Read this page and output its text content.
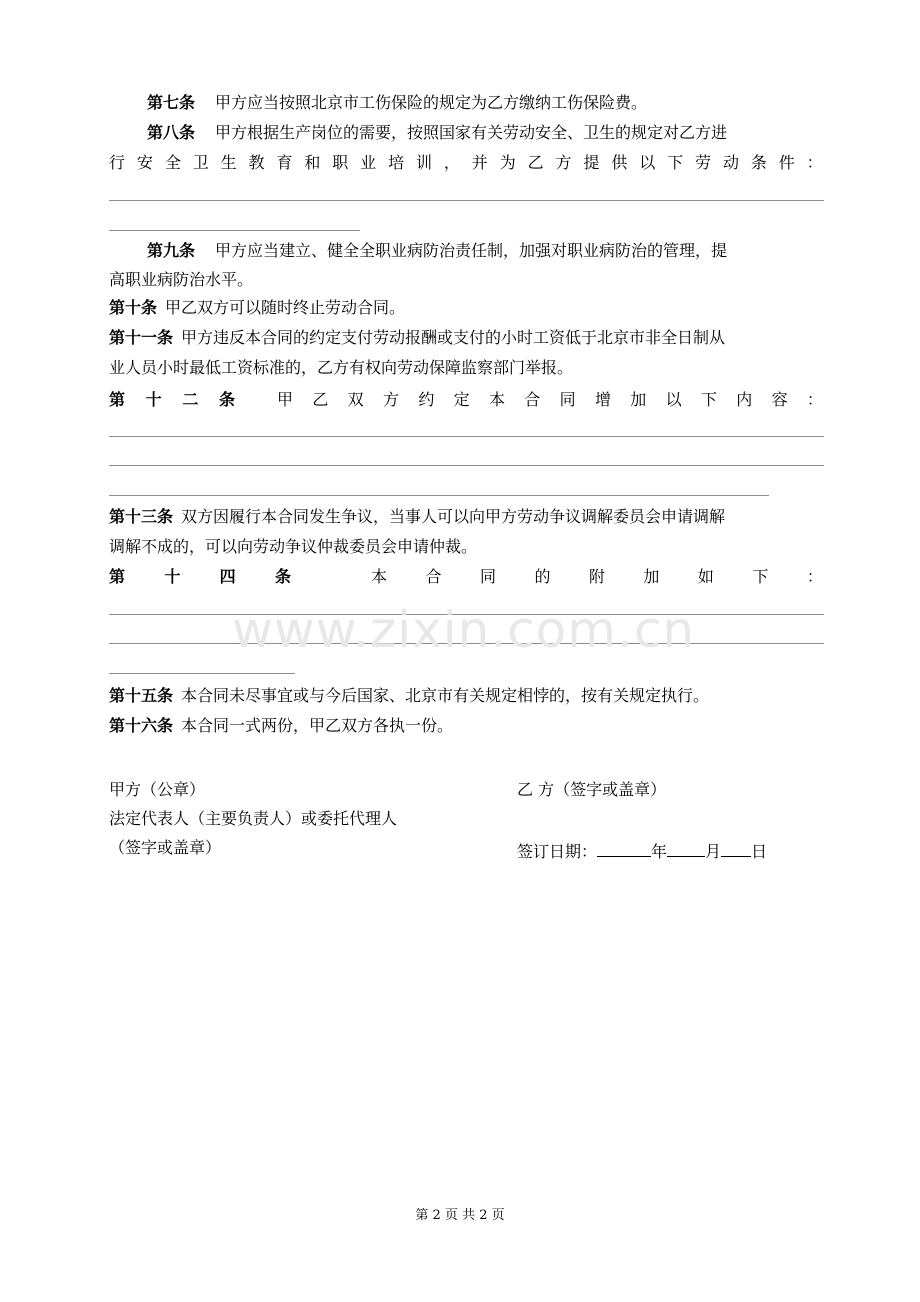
第七条 甲方应当按照北京市工伤保险的规定为乙方缴纳工伤保险费。
第八条 甲方根据生产岗位的需要，按照国家有关劳动安全、卫生的规定对乙方进
行 安 全 卫 生 教 育 和 职 业 培 训 ， 并 为 乙 方 提 供 以 下 劳 动 条 件 ：
第九条 甲方应当建立、健全全职业病防治责任制，加强对职业病防治的管理，提
高职业病防治水平。
第十条 甲乙双方可以随时终止劳动合同。
第十一条 甲方违反本合同的约定支付劳动报酬或支付的小时工资低于北京市非全日制从
业人员小时最低工资标准的，乙方有权向劳动保障监察部门举报。
第 十 二 条	甲 乙 双 方 约 定 本 合 同 增 加 以 下 内 容 ：
第十三条 双方因履行本合同发生争议，当事人可以向甲方劳动争议调解委员会申请调解
调解不成的，可以向劳动争议仲裁委员会申请仲裁。
第 十 四 条	本 合 同 的 附 加 如 下 ：
www.zixin.com.cn
第十五条 本合同未尽事宜或与今后国家、北京市有关规定相悖的，按有关规定执行。
第十六条 本合同一式两份，甲乙双方各执一份。
甲方（公章）	乙 方（签字或盖章）
法定代表人（主要负责人）或委托代理人
（签字或盖章）	签订日期：	年 月 日
第 2 页 共 2 页
